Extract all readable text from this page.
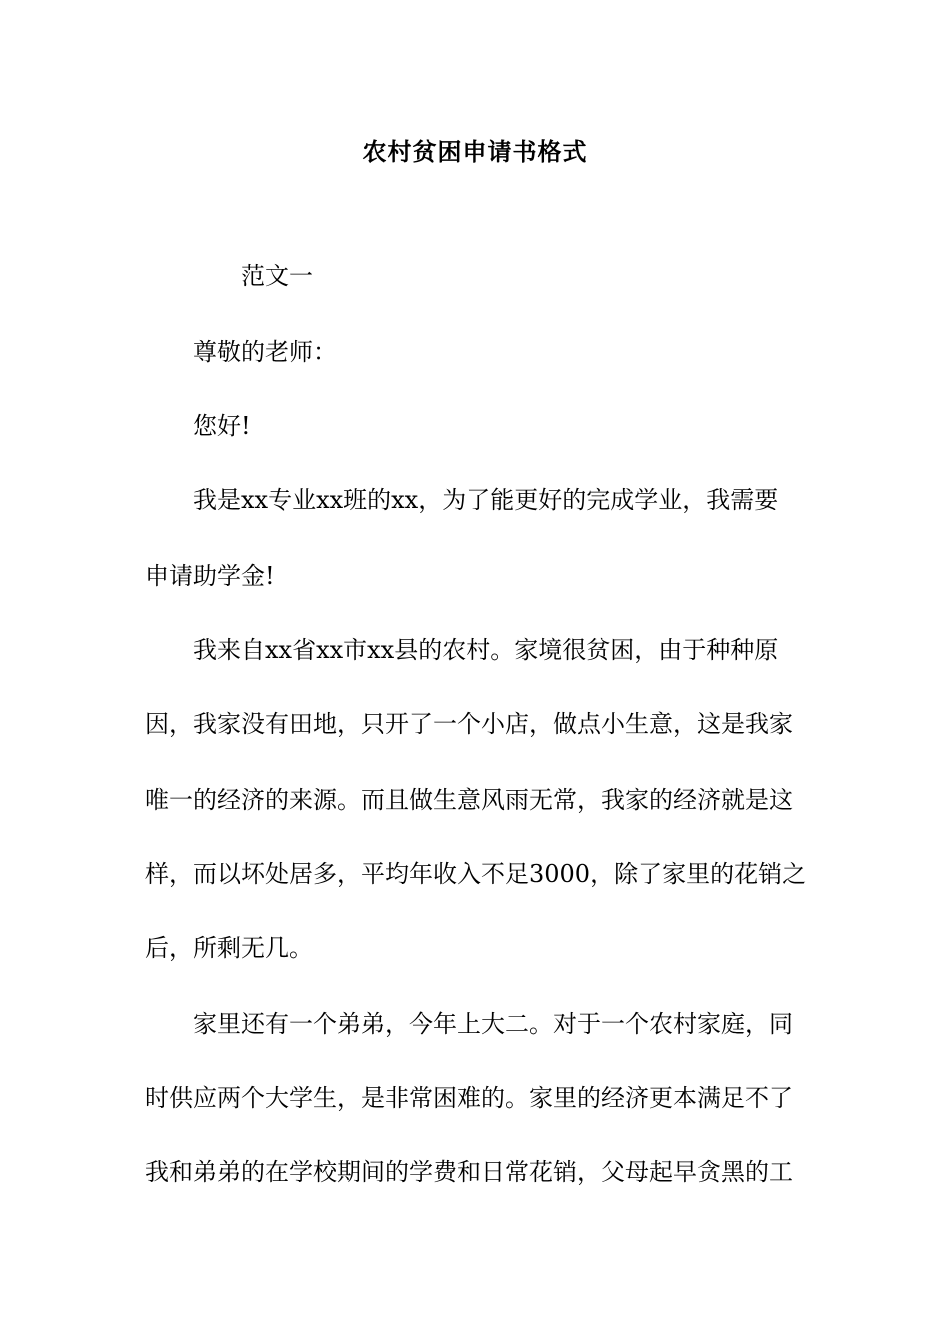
农村贫困申请书格式
范文一
尊敬的老师：
您好!
我是xx专业xx班的xx，为了能更好的完成学业，我需要
申请助学金!
我来自xx省xx市xx县的农村。家境很贫困，由于种种原
因，我家没有田地，只开了一个小店，做点小生意，这是我家
唯一的经济的来源。而且做生意风雨无常，我家的经济就是这
样，而以坏处居多，平均年收入不足3000，除了家里的花销之
后，所剩无几。
家里还有一个弟弟，今年上大二。对于一个农村家庭，同
时供应两个大学生，是非常困难的。家里的经济更本满足不了
我和弟弟的在学校期间的学费和日常花销，父母起早贪黑的工
